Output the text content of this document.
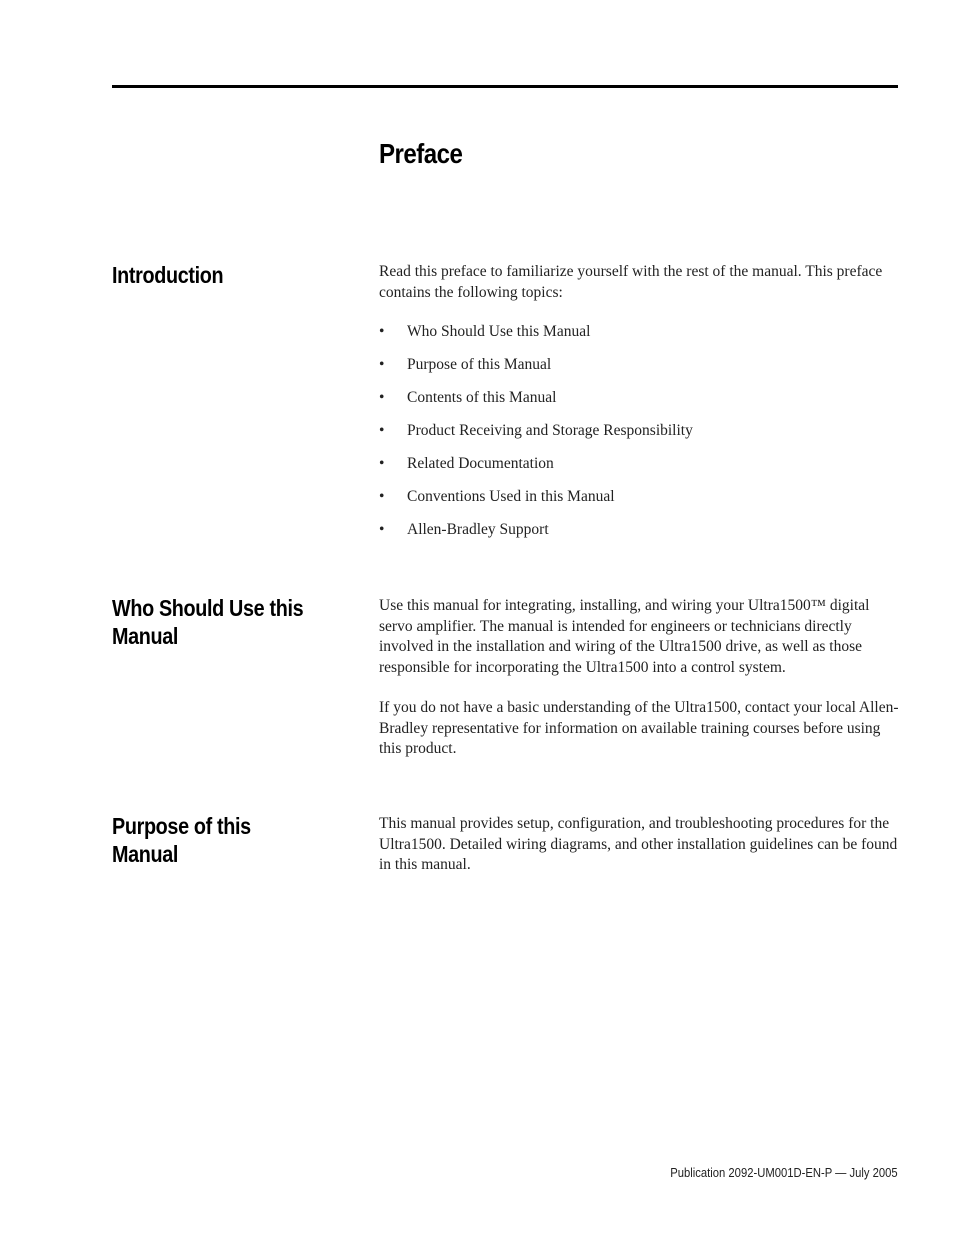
Preface
Introduction	Read this preface to familiarize yourself with the rest of the manual. This preface contains the following topics:

• Who Should Use this Manual
• Purpose of this Manual
• Contents of this Manual
• Product Receiving and Storage Responsibility
• Related Documentation
• Conventions Used in this Manual
• Allen-Bradley Support
Who Should Use this Manual

Use this manual for integrating, installing, and wiring your Ultra1500™ digital servo amplifier. The manual is intended for engineers or technicians directly involved in the installation and wiring of the Ultra1500 drive, as well as those responsible for incorporating the Ultra1500 into a control system.

If you do not have a basic understanding of the Ultra1500, contact your local Allen-Bradley representative for information on available training courses before using this product.

Purpose of this Manual

This manual provides setup, configuration, and troubleshooting procedures for the Ultra1500. Detailed wiring diagrams, and other installation guidelines can be found in this manual.

Publication 2092-UM001D-EN-P — July 2005
